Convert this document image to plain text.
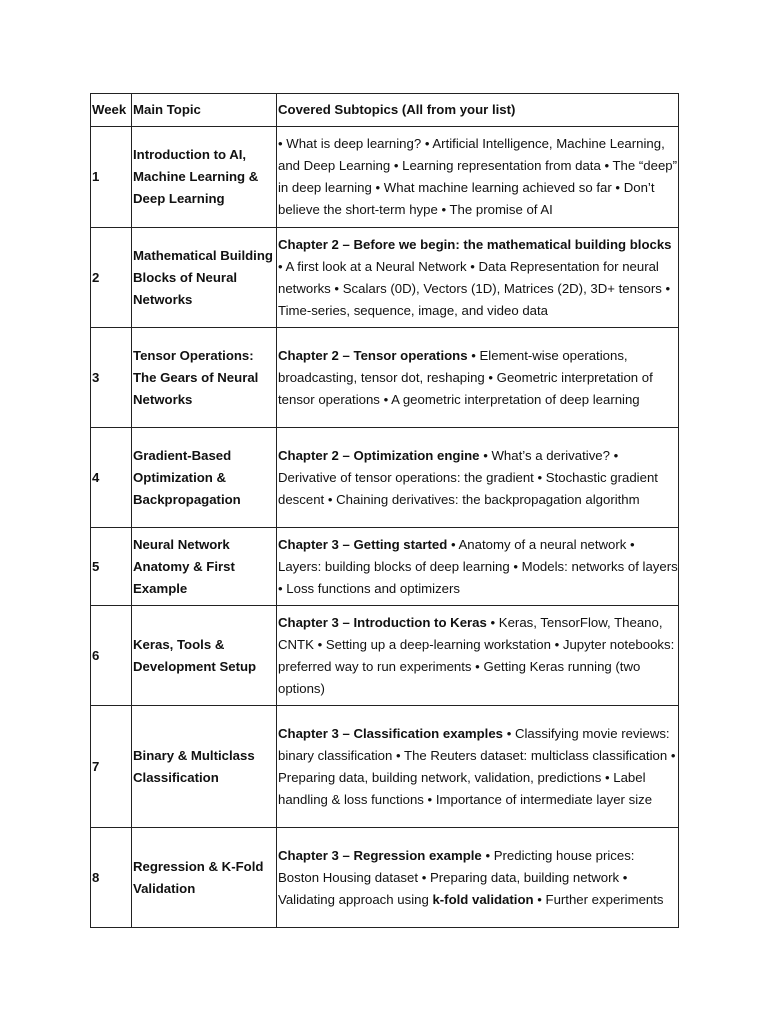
Week	Main Topic	Covered Subtopics (All from your list)
1	Introduction to AI, Machine Learning & Deep Learning	• What is deep learning? • Artificial Intelligence, Machine Learning, and Deep Learning • Learning representation from data • The “deep” in deep learning • What machine learning achieved so far • Don’t believe the short-term hype • The promise of AI
2	Mathematical Building Blocks of Neural Networks	Chapter 2 – Before we begin: the mathematical building blocks • A first look at a Neural Network • Data Representation for neural networks • Scalars (0D), Vectors (1D), Matrices (2D), 3D+ tensors • Time-series, sequence, image, and video data
3	Tensor Operations: The Gears of Neural Networks	Chapter 2 – Tensor operations • Element-wise operations, broadcasting, tensor dot, reshaping • Geometric interpretation of tensor operations • A geometric interpretation of deep learning
4	Gradient-Based Optimization & Backpropagation	Chapter 2 – Optimization engine • What’s a derivative? • Derivative of tensor operations: the gradient • Stochastic gradient descent • Chaining derivatives: the backpropagation algorithm
5	Neural Network Anatomy & First Example	Chapter 3 – Getting started • Anatomy of a neural network • Layers: building blocks of deep learning • Models: networks of layers • Loss functions and optimizers
6	Keras, Tools & Development Setup	Chapter 3 – Introduction to Keras • Keras, TensorFlow, Theano, CNTK • Setting up a deep-learning workstation • Jupyter notebooks: preferred way to run experiments • Getting Keras running (two options)
7	Binary & Multiclass Classification	Chapter 3 – Classification examples • Classifying movie reviews: binary classification • The Reuters dataset: multiclass classification • Preparing data, building network, validation, predictions • Label handling & loss functions • Importance of intermediate layer size
8	Regression & K-Fold Validation	Chapter 3 – Regression example • Predicting house prices: Boston Housing dataset • Preparing data, building network • Validating approach using k-fold validation • Further experiments
